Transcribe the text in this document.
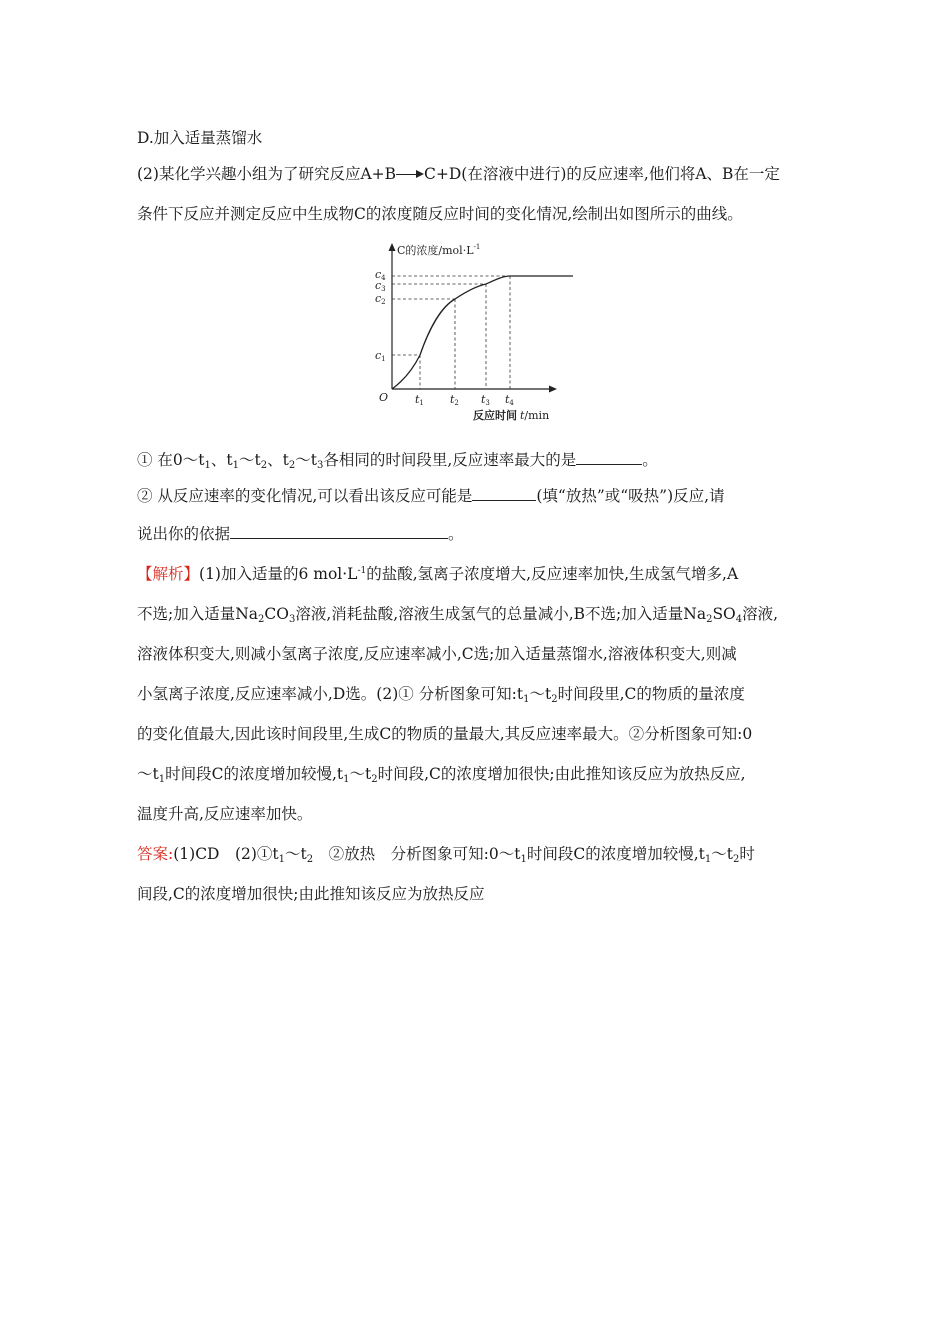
D.加入适量蒸馏水
(2)某化学兴趣小组为了研究反应A+B C+D(在溶液中进行)的反应速率,他们将A、B在一定
条件下反应并测定反应中生成物C的浓度随反应时间的变化情况,绘制出如图所示的曲线。
C的浓度$/mol\cdot L^{-1}$
c1
c2
c3
c4
O t1 t2 t3 t4
反应时间 t/min
① 在$0\sim t_1$、$t_1\sim t_2$、$t_2\sim t_3$各相同的时间段里,反应速率最大的是	。
② 从反应速率的变化情况,可以看出该反应可能是	(填“放热”或“吸热”)反应,请
说出你的依据	。
【解析】(1)加入适量的6 $mol\cdot L^{-1}$的盐酸,氢离子浓度增大,反应速率加快,生成氢气增多,A
不选;加入适量$Na_2CO_3$溶液,消耗盐酸,溶液生成氢气的总量减小,B不选;加入适量$Na_2SO_4$溶液,
溶液体积变大,则减小氢离子浓度,反应速率减小,C选;加入适量蒸馏水,溶液体积变大,则减
小氢离子浓度,反应速率减小,D选。(2)① 分析图象可知$:t_1\sim t_2$时间段里,C的物质的量浓度
的变化值最大,因此该时间段里,生成C的物质的量最大,其反应速率最大。②分析图象可知:0
$\sim t_1$时间段C的浓度增加较慢$,t_1\sim t_2$时间段,C的浓度增加很快;由此推知该反应为放热反应,
温度升高,反应速率加快。
答案:(1)CD　$(2)①t_1\sim t_2$　②放热　分析图象可知$:0\sim t_1$时间段C的浓度增加较慢$,t_1\sim t_2$时
间段,C的浓度增加很快;由此推知该反应为放热反应
